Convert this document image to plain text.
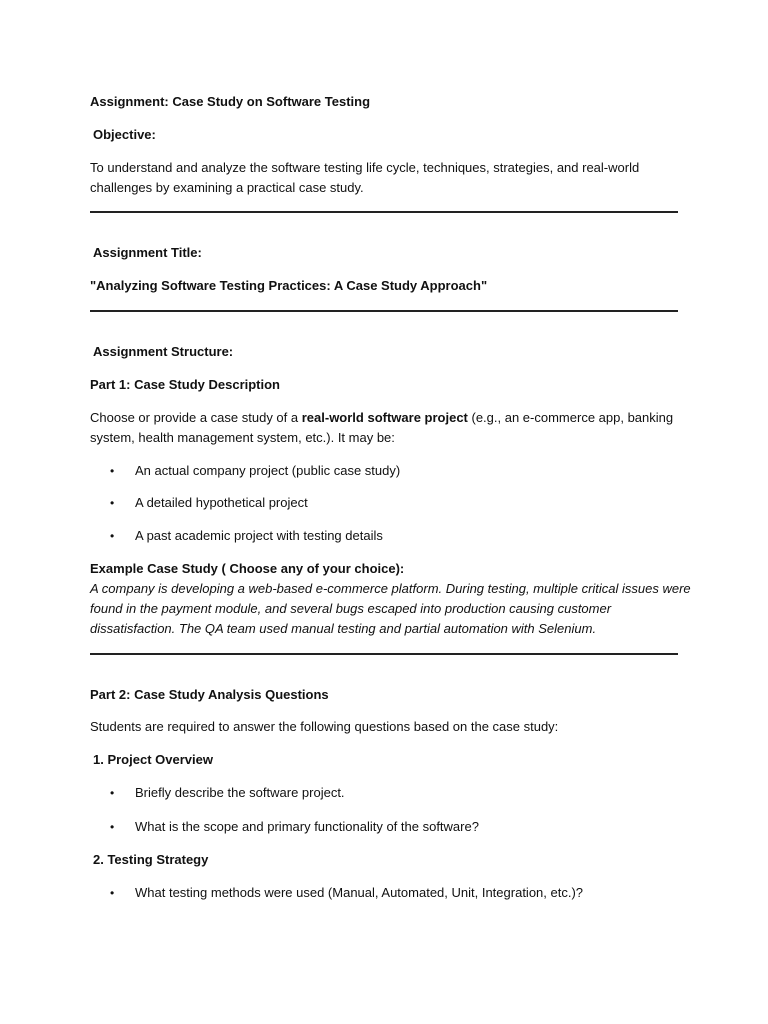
Assignment: Case Study on Software Testing
Objective:
To understand and analyze the software testing life cycle, techniques, strategies, and real-world
challenges by examining a practical case study.
Assignment Title:
"Analyzing Software Testing Practices: A Case Study Approach"
Assignment Structure:
Part 1: Case Study Description
Choose or provide a case study of a real-world software project (e.g., an e-commerce app, banking
system, health management system, etc.). It may be:
• An actual company project (public case study)
• A detailed hypothetical project
• A past academic project with testing details
Example Case Study ( Choose any of your choice):
A company is developing a web-based e-commerce platform. During testing, multiple critical issues were
found in the payment module, and several bugs escaped into production causing customer
dissatisfaction. The QA team used manual testing and partial automation with Selenium.
Part 2: Case Study Analysis Questions
Students are required to answer the following questions based on the case study:
1. Project Overview
• Briefly describe the software project.
• What is the scope and primary functionality of the software?
2. Testing Strategy
• What testing methods were used (Manual, Automated, Unit, Integration, etc.)?
